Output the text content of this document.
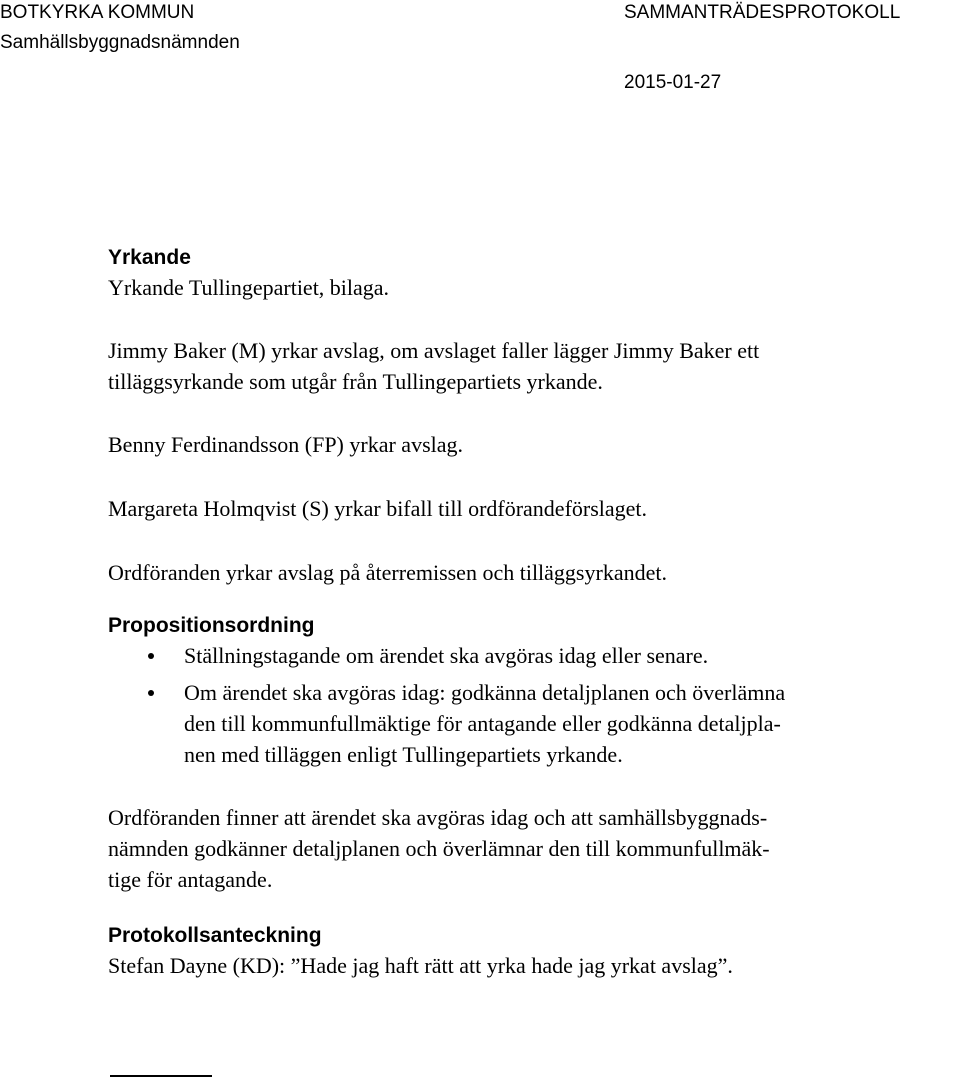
BOTKYRKA KOMMUN
Samhällsbyggnadsnämnden
SAMMANTRÄDESPROTOKOLL
2015-01-27
Yrkande
Yrkande Tullingepartiet, bilaga.
Jimmy Baker (M) yrkar avslag, om avslaget faller lägger Jimmy Baker ett
tilläggsyrkande som utgår från Tullingepartiets yrkande.
Benny Ferdinandsson (FP) yrkar avslag.
Margareta Holmqvist (S) yrkar bifall till ordförandeförslaget.
Ordföranden yrkar avslag på återremissen och tilläggsyrkandet.
Propositionsordning
Ställningstagande om ärendet ska avgöras idag eller senare.
Om ärendet ska avgöras idag: godkänna detaljplanen och överlämna
den till kommunfullmäktige för antagande eller godkänna detaljpla-
nen med tilläggen enligt Tullingepartiets yrkande.
Ordföranden finner att ärendet ska avgöras idag och att samhällsbyggnads-
nämnden godkänner detaljplanen och överlämnar den till kommunfullmäk-
tige för antagande.
Protokollsanteckning
Stefan Dayne (KD): ”Hade jag haft rätt att yrka hade jag yrkat avslag”.
